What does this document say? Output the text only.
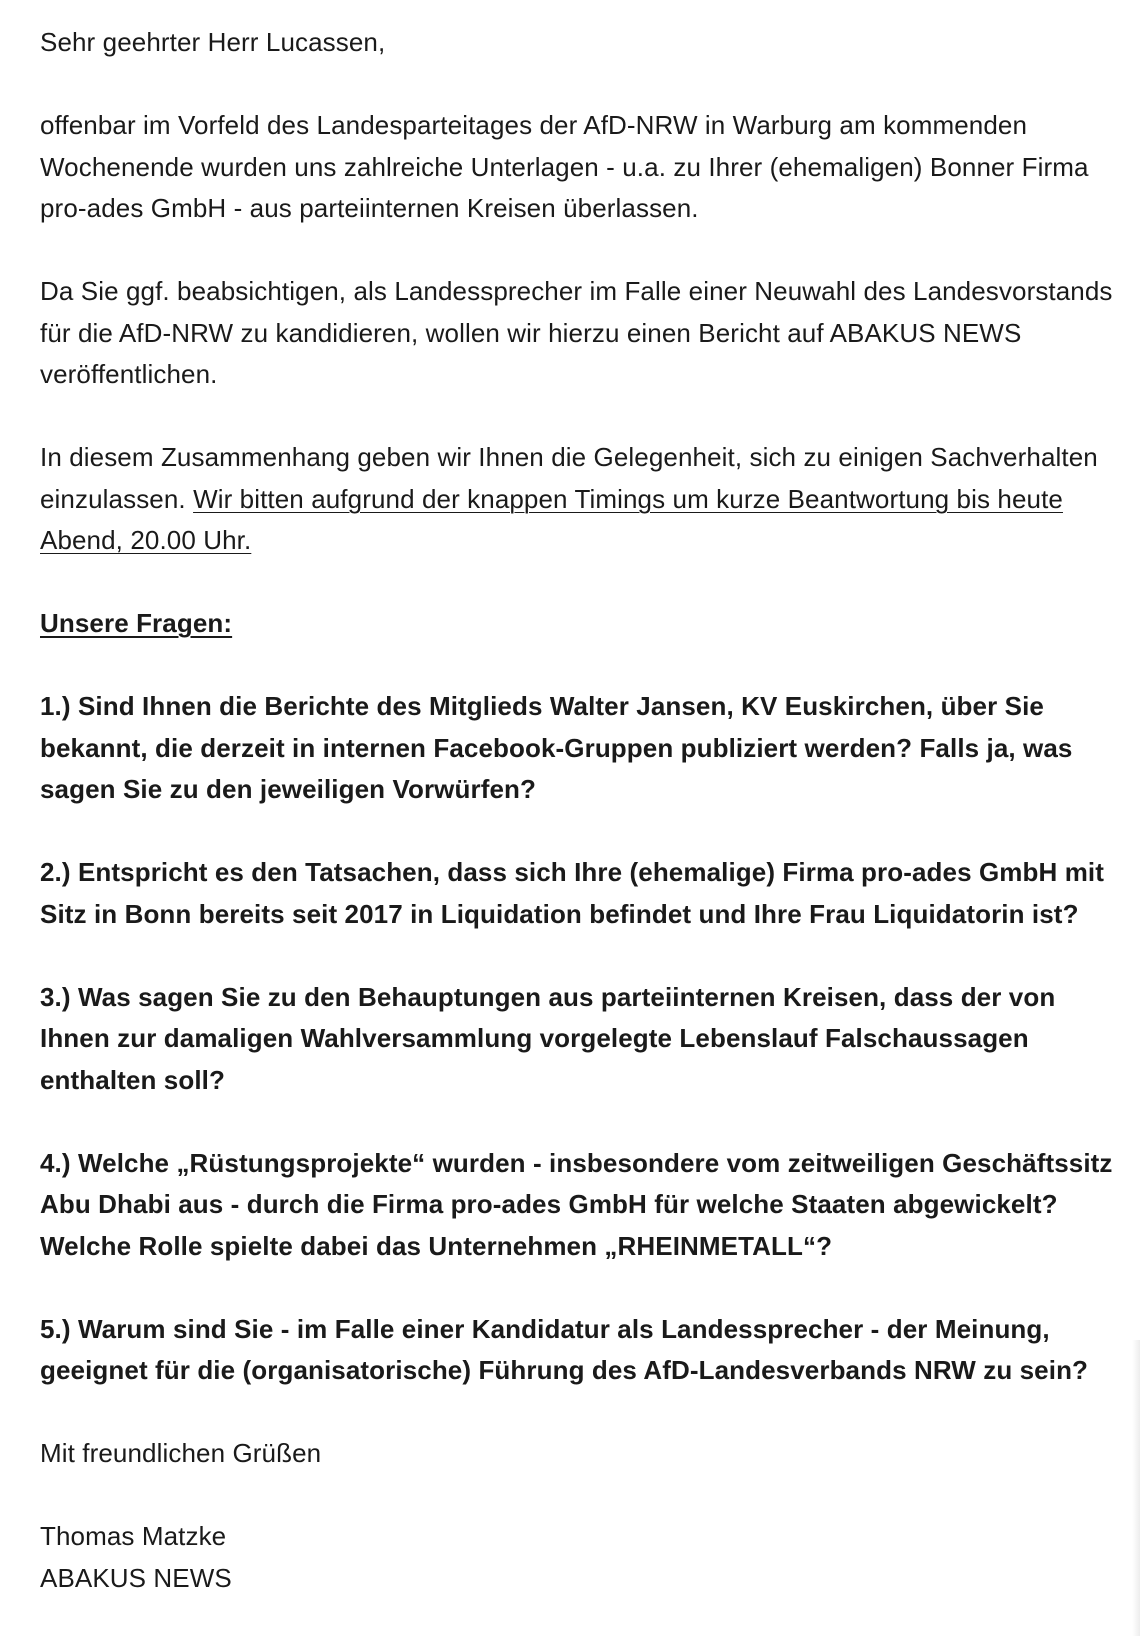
Sehr geehrter Herr Lucassen,

offenbar im Vorfeld des Landesparteitages der AfD-NRW in Warburg am kommenden Wochenende wurden uns zahlreiche Unterlagen - u.a. zu Ihrer (ehemaligen) Bonner Firma pro-ades GmbH - aus parteiinternen Kreisen überlassen.

Da Sie ggf. beabsichtigen, als Landessprecher im Falle einer Neuwahl des Landesvorstands für die AfD-NRW zu kandidieren, wollen wir hierzu einen Bericht auf ABAKUS NEWS veröffentlichen.

In diesem Zusammenhang geben wir Ihnen die Gelegenheit, sich zu einigen Sachverhalten einzulassen. Wir bitten aufgrund der knappen Timings um kurze Beantwortung bis heute Abend, 20.00 Uhr.

Unsere Fragen:

1.) Sind Ihnen die Berichte des Mitglieds Walter Jansen, KV Euskirchen, über Sie bekannt, die derzeit in internen Facebook-Gruppen publiziert werden? Falls ja, was sagen Sie zu den jeweiligen Vorwürfen?

2.) Entspricht es den Tatsachen, dass sich Ihre (ehemalige) Firma pro-ades GmbH mit Sitz in Bonn bereits seit 2017 in Liquidation befindet und Ihre Frau Liquidatorin ist?

3.) Was sagen Sie zu den Behauptungen aus parteiinternen Kreisen, dass der von Ihnen zur damaligen Wahlversammlung vorgelegte Lebenslauf Falschaussagen enthalten soll?

4.) Welche „Rüstungsprojekte“ wurden - insbesondere vom zeitweiligen Geschäftssitz Abu Dhabi aus - durch die Firma pro-ades GmbH für welche Staaten abgewickelt? Welche Rolle spielte dabei das Unternehmen „RHEINMETALL“?

5.) Warum sind Sie - im Falle einer Kandidatur als Landessprecher - der Meinung, geeignet für die (organisatorische) Führung des AfD-Landesverbands NRW zu sein?

Mit freundlichen Grüßen

Thomas Matzke
ABAKUS NEWS
